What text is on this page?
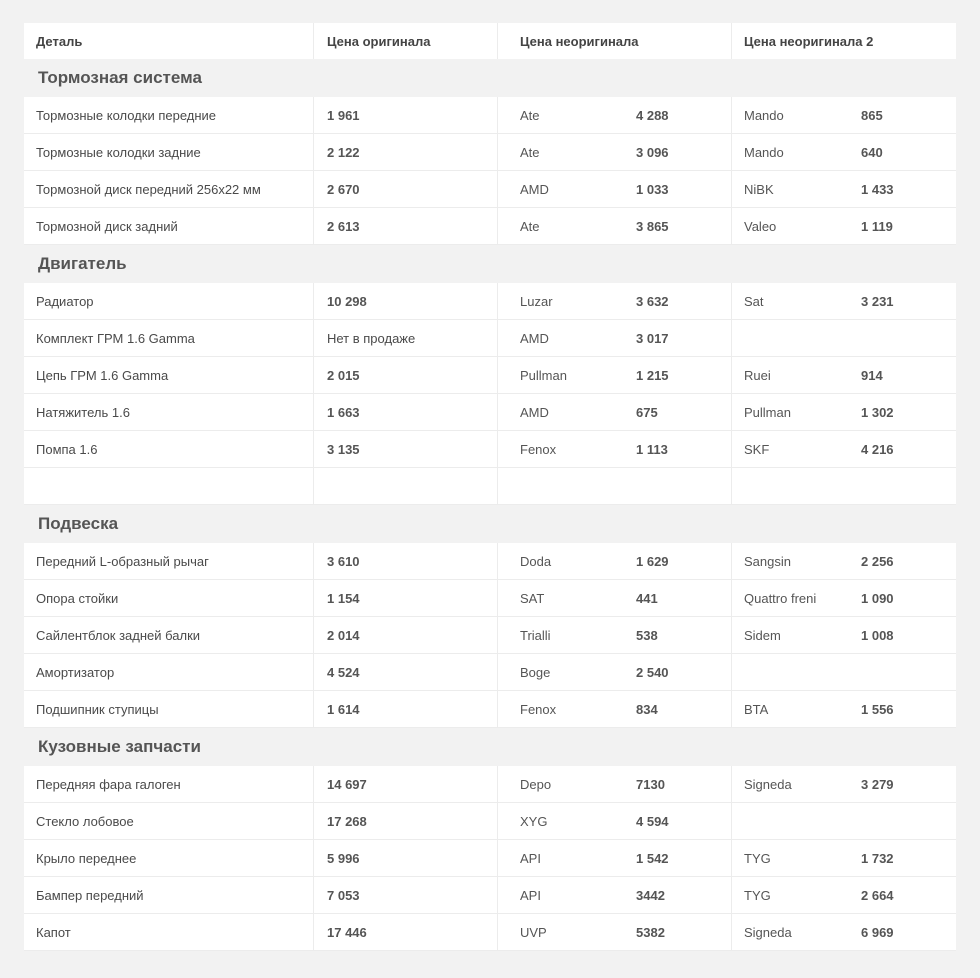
Деталь	Цена оригинала	Цена неоригинала	Цена неоригинала 2
Тормозная система
Тормозные колодки передние	1 961	Ate	4 288	Mando	865
Тормозные колодки задние	2 122	Ate	3 096	Mando	640
Тормозной диск передний 256х22 мм	2 670	AMD	1 033	NiBK	1 433
Тормозной диск задний	2 613	Ate	3 865	Valeo	1 119
Двигатель
Радиатор	10 298	Luzar	3 632	Sat	3 231
Комплект ГРМ 1.6 Gamma	Нет в продаже	AMD	3 017
Цепь ГРМ 1.6 Gamma	2 015	Pullman	1 215	Ruei	914
Натяжитель 1.6	1 663	AMD	675	Pullman	1 302
Помпа 1.6	3 135	Fenox	1 113	SKF	4 216
Подвеска
Передний L-образный рычаг	3 610	Doda	1 629	Sangsin	2 256
Опора стойки	1 154	SAT	441	Quattro freni	1 090
Сайлентблок задней балки	2 014	Trialli	538	Sidem	1 008
Амортизатор	4 524	Boge	2 540
Подшипник ступицы	1 614	Fenox	834	BTA	1 556
Кузовные запчасти
Передняя фара галоген	14 697	Depo	7130	Signeda	3 279
Стекло лобовое	17 268	XYG	4 594
Крыло переднее	5 996	API	1 542	TYG	1 732
Бампер передний	7 053	API	3442	TYG	2 664
Капот	17 446	UVP	5382	Signeda	6 969
